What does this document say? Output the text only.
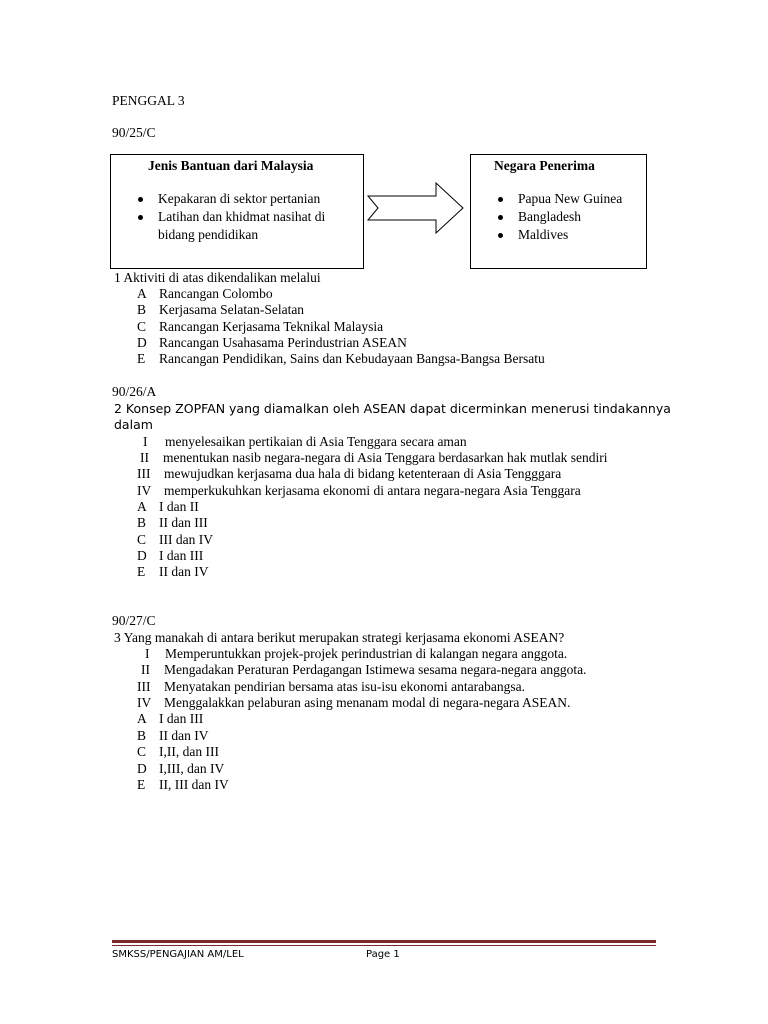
PENGGAL 3
90/25/C
Jenis Bantuan dari Malaysia
Kepakaran di sektor pertanian
Latihan dan khidmat nasihat di bidang pendidikan
Negara Penerima
Papua New Guinea
Bangladesh
Maldives
1 Aktiviti di atas dikendalikan melalui
A Rancangan Colombo
B Kerjasama Selatan-Selatan
C Rancangan Kerjasama Teknikal Malaysia
D Rancangan Usahasama Perindustrian ASEAN
E Rancangan Pendidikan, Sains dan Kebudayaan Bangsa-Bangsa Bersatu
90/26/A
2 Konsep ZOPFAN yang diamalkan oleh ASEAN dapat dicerminkan menerusi tindakannya
dalam
I menyelesaikan pertikaian di Asia Tenggara secara aman
II menentukan nasib negara-negara di Asia Tenggara berdasarkan hak mutlak sendiri
III mewujudkan kerjasama dua hala di bidang ketenteraan di Asia Tengggara
IV memperkukuhkan kerjasama ekonomi di antara negara-negara Asia Tenggara
A I dan II
B II dan III
C III dan IV
D I dan III
E II dan IV
90/27/C
3 Yang manakah di antara berikut merupakan strategi kerjasama ekonomi ASEAN?
I Memperuntukkan projek-projek perindustrian di kalangan negara anggota.
II Mengadakan Peraturan Perdagangan Istimewa sesama negara-negara anggota.
III Menyatakan pendirian bersama atas isu-isu ekonomi antarabangsa.
IV Menggalakkan pelaburan asing menanam modal di negara-negara ASEAN.
A I dan III
B II dan IV
C I,II, dan III
D I,III, dan IV
E II, III dan IV
SMKSS/PENGAJIAN AM/LEL	Page 1
